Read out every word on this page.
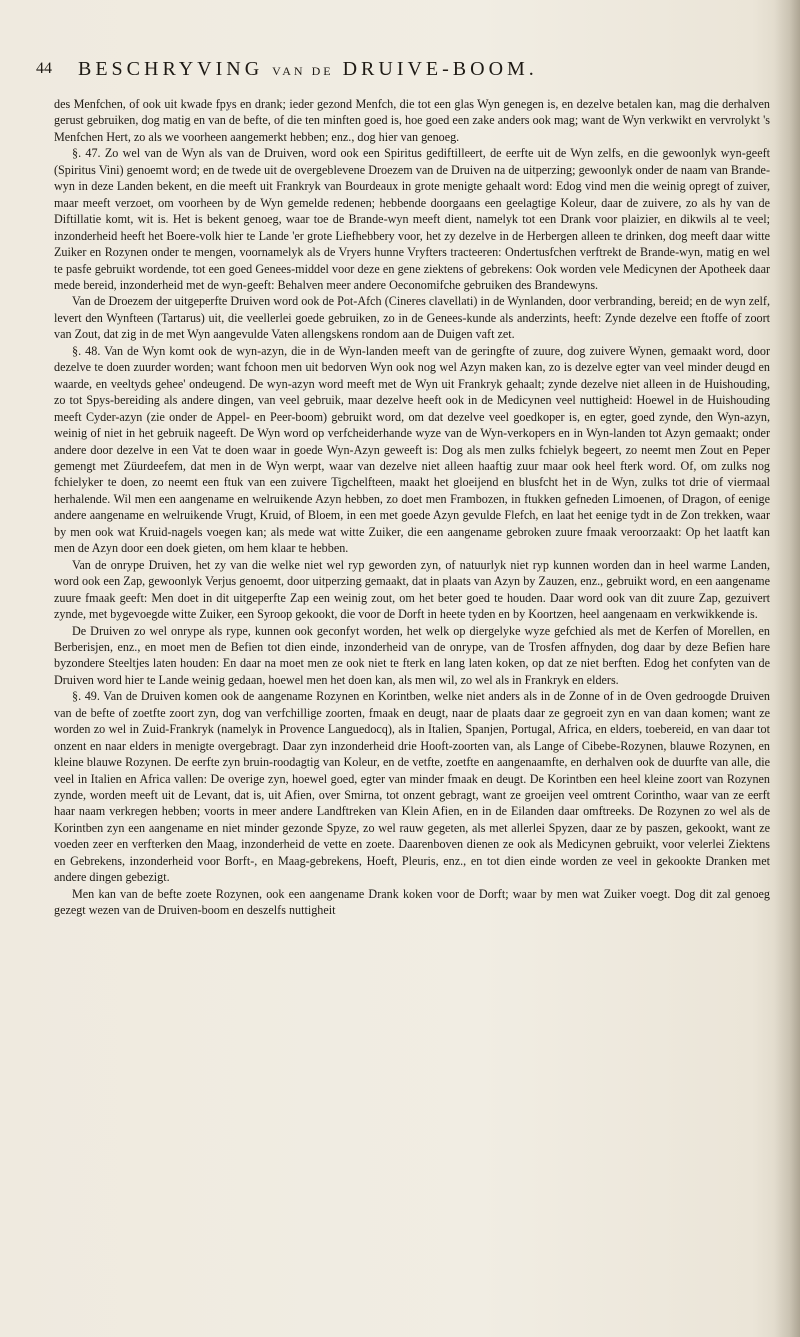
44 BESCHRYVING VAN DE DRUIVE-BOOM.

des Menfchen, of ook uit kwade fpys en drank; ieder gezond Menfch, die tot een glas Wyn genegen is, en dezelve betalen kan, mag die derhalven gerust gebruiken, dog matig en van de befte, of die ten minften goed is, hoe goed een zake anders ook mag; want de Wyn verkwikt en vervrolykt 's Menfchen Hert, zo als we voorheen aangemerkt hebben; enz., dog hier van genoeg.

§. 47. Zo wel van de Wyn als van de Druiven, word ook een Spiritus gediftilleert, de eerfte uit de Wyn zelfs, en die gewoonlyk wyn-geeft (Spiritus Vini) genoemt word; en de twede uit de overgeblevene Droezem van de Druiven na de uitperzing; gewoonlyk onder de naam van Brande-wyn in deze Landen bekent, en die meeft uit Frankryk van Bourdeaux in grote menigte gehaalt word: Edog vind men die weinig opregt of zuiver, maar meeft verzoet, om voorheen by de Wyn gemelde redenen; hebbende doorgaans een geelagtige Koleur, daar de zuivere, zo als hy van de Diftillatie komt, wit is. Het is bekent genoeg, waar toe de Brande-wyn meeft dient, namelyk tot een Drank voor plaizier, en dikwils al te veel; inzonderheid heeft het Boere-volk hier te Lande 'er grote Liefhebbery voor, het zy dezelve in de Herbergen alleen te drinken, dog meeft daar witte Zuiker en Rozynen onder te mengen, voornamelyk als de Vryers hunne Vryfters tracteeren: Ondertusfchen verftrekt de Brande-wyn, matig en wel te pasfe gebruikt wordende, tot een goed Genees-middel voor deze en gene ziektens of gebrekens: Ook worden vele Medicynen der Apotheek daar mede bereid, inzonderheid met de wyn-geeft: Behalven meer andere Oeconomifche gebruiken des Brandewyns.

Van de Droezem der uitgeperfte Druiven word ook de Pot-Afch (Cineres clavellati) in de Wynlanden, door verbranding, bereid; en de wyn zelf, levert den Wynfteen (Tartarus) uit, die veellerlei goede gebruiken, zo in de Genees-kunde als anderzints, heeft: Zynde dezelve een ftoffe of zoort van Zout, dat zig in de met Wyn aangevulde Vaten allengskens rondom aan de Duigen vaft zet.

§. 48. Van de Wyn komt ook de wyn-azyn, die in de Wyn-landen meeft van de geringfte of zuure, dog zuivere Wynen, gemaakt word, door dezelve te doen zuurder worden; want fchoon men uit bedorven Wyn ook nog wel Azyn maken kan, zo is dezelve egter van veel minder deugd en waarde, en veeltyds gehee' ondeugend. De wyn-azyn word meeft met de Wyn uit Frankryk gehaalt; zynde dezelve niet alleen in de Huishouding, zo tot Spys-bereiding als andere dingen, van veel gebruik, maar dezelve heeft ook in de Medicynen veel nuttigheid: Hoewel in de Huishouding meeft Cyder-azyn (zie onder de Appel- en Peer-boom) gebruikt word, om dat dezelve veel goedkoper is, en egter, goed zynde, den Wyn-azyn, weinig of niet in het gebruik nageeft. De Wyn word op verfcheiderhande wyze van de Wyn-verkopers en in Wyn-landen tot Azyn gemaakt; onder andere door dezelve in een Vat te doen waar in goede Wyn-Azyn geweeft is: Dog als men zulks fchielyk begeert, zo neemt men Zout en Peper gemengt met Züurdeefem, dat men in de Wyn werpt, waar van dezelve niet alleen haaftig zuur maar ook heel fterk word. Of, om zulks nog fchielyker te doen, zo neemt een ftuk van een zuivere Tigchelfteen, maakt het gloeijend en blusfcht het in de Wyn, zulks tot drie of viermaal herhalende. Wil men een aangename en welruikende Azyn hebben, zo doet men Frambozen, in ftukken gefneden Limoenen, of Dragon, of eenige andere aangename en welruikende Vrugt, Kruid, of Bloem, in een met goede Azyn gevulde Flefch, en laat het eenige tydt in de Zon trekken, waar by men ook wat Kruid-nagels voegen kan; als mede wat witte Zuiker, die een aangename gebroken zuure fmaak veroorzaakt: Op het laatft kan men de Azyn door een doek gieten, om hem klaar te hebben.

Van de onrype Druiven, het zy van die welke niet wel ryp geworden zyn, of natuurlyk niet ryp kunnen worden dan in heel warme Landen, word ook een Zap, gewoonlyk Verjus genoemt, door uitperzing gemaakt, dat in plaats van Azyn by Zauzen, enz., gebruikt word, en een aangename zuure fmaak geeft: Men doet in dit uitgeperfte Zap een weinig zout, om het beter goed te houden. Daar word ook van dit zuure Zap, gezuivert zynde, met bygevoegde witte Zuiker, een Syroop gekookt, die voor de Dorft in heete tyden en by Koortzen, heel aangenaam en verkwikkende is.

De Druiven zo wel onrype als rype, kunnen ook geconfyt worden, het welk op diergelyke wyze gefchied als met de Kerfen of Morellen, en Berberisjen, enz., en moet men de Befien tot dien einde, inzonderheid van de onrype, van de Trosfen affnyden, dog daar by deze Befien hare byzondere Steeltjes laten houden: En daar na moet men ze ook niet te fterk en lang laten koken, op dat ze niet berften. Edog het confyten van de Druiven word hier te Lande weinig gedaan, hoewel men het doen kan, als men wil, zo wel als in Frankryk en elders.

§. 49. Van de Druiven komen ook de aangename Rozynen en Korintben, welke niet anders als in de Zonne of in de Oven gedroogde Druiven van de befte of zoetfte zoort zyn, dog van verfchillige zoorten, fmaak en deugt, naar de plaats daar ze gegroeit zyn en van daan komen; want ze worden zo wel in Zuid-Frankryk (namelyk in Provence Languedocq), als in Italien, Spanjen, Portugal, Africa, en elders, toebereid, en van daar tot onzent en naar elders in menigte overgebragt. Daar zyn inzonderheid drie Hooft-zoorten van, als Lange of Cibebe-Rozynen, blauwe Rozynen, en kleine blauwe Rozynen. De eerfte zyn bruin-roodagtig van Koleur, en de vetfte, zoetfte en aangenaamfte, en derhalven ook de duurfte van alle, die veel in Italien en Africa vallen: De overige zyn, hoewel goed, egter van minder fmaak en deugt. De Korintben een heel kleine zoort van Rozynen zynde, worden meeft uit de Levant, dat is, uit Afien, over Smirna, tot onzent gebragt, want ze groeijen veel omtrent Corintho, waar van ze eerft haar naam verkregen hebben; voorts in meer andere Landftreken van Klein Afien, en in de Eilanden daar omftreeks. De Rozynen zo wel als de Korintben zyn een aangename en niet minder gezonde Spyze, zo wel rauw gegeten, als met allerlei Spyzen, daar ze by paszen, gekookt, want ze voeden zeer en verfterken den Maag, inzonderheid de vette en zoete. Daarenboven dienen ze ook als Medicynen gebruikt, voor velerlei Ziektens en Gebrekens, inzonderheid voor Borft-, en Maag-gebrekens, Hoeft, Pleuris, enz., en tot dien einde worden ze veel in gekookte Dranken met andere dingen gebezigt.

Men kan van de befte zoete Rozynen, ook een aangename Drank koken voor de Dorft; waar by men wat Zuiker voegt. Dog dit zal genoeg gezegt wezen van de Druiven-boom en deszelfs nuttigheit
